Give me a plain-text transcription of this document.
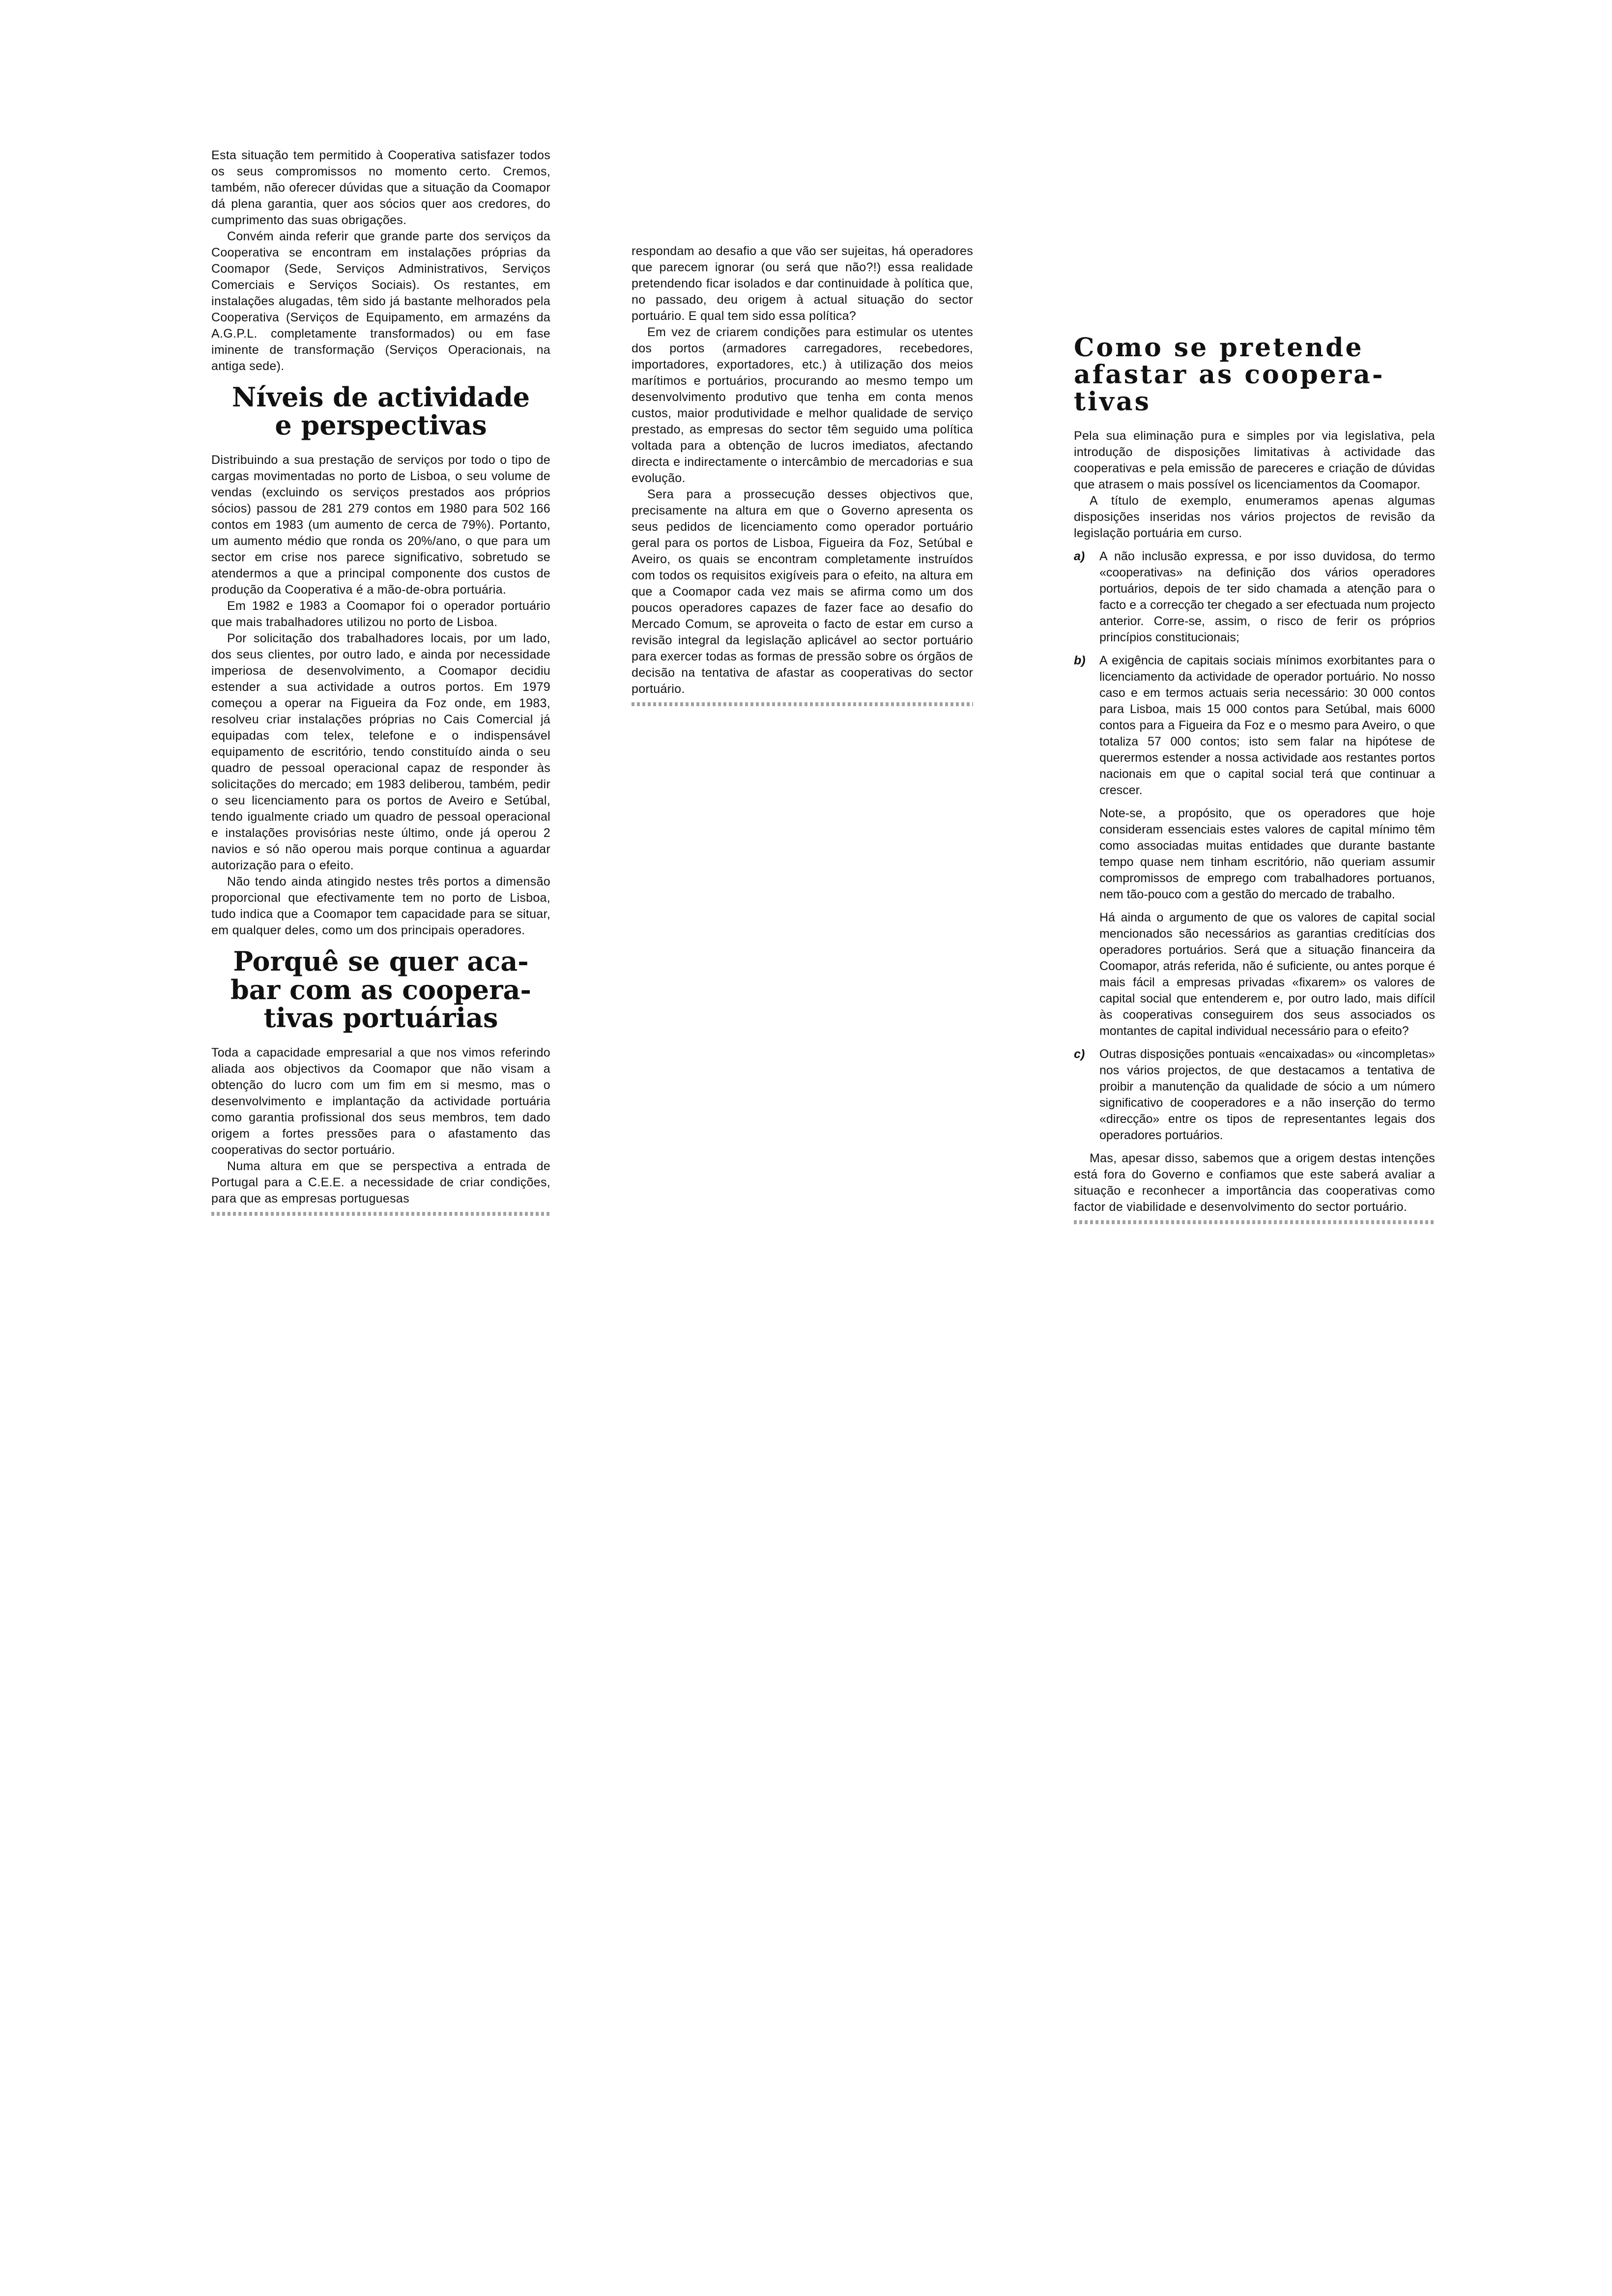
Esta situação tem permitido à Cooperativa satisfazer todos os seus compromissos no momento certo. Cremos, também, não oferecer dúvidas que a situação da Coomapor dá plena garantia, quer aos sócios quer aos credores, do cumprimento das suas obrigações.

Convém ainda referir que grande parte dos serviços da Cooperativa se encontram em instalações próprias da Coomapor (Sede, Serviços Administrativos, Serviços Comerciais e Serviços Sociais). Os restantes, em instalações alugadas, têm sido já bastante melhorados pela Cooperativa (Serviços de Equipamento, em armazéns da A.G.P.L. completamente transformados) ou em fase iminente de transformação (Serviços Operacionais, na antiga sede).

Níveis de actividade
e perspectivas

Distribuindo a sua prestação de serviços por todo o tipo de cargas movimentadas no porto de Lisboa, o seu volume de vendas (excluindo os serviços prestados aos próprios sócios) passou de 281 279 contos em 1980 para 502 166 contos em 1983 (um aumento de cerca de 79%). Portanto, um aumento médio que ronda os 20%/ano, o que para um sector em crise nos parece significativo, sobretudo se atendermos a que a principal componente dos custos de produção da Cooperativa é a mão-de-obra portuária.

Em 1982 e 1983 a Coomapor foi o operador portuário que mais trabalhadores utilizou no porto de Lisboa.

Por solicitação dos trabalhadores locais, por um lado, dos seus clientes, por outro lado, e ainda por necessidade imperiosa de desenvolvimento, a Coomapor decidiu estender a sua actividade a outros portos. Em 1979 começou a operar na Figueira da Foz onde, em 1983, resolveu criar instalações próprias no Cais Comercial já equipadas com telex, telefone e o indispensável equipamento de escritório, tendo constituído ainda o seu quadro de pessoal operacional capaz de responder às solicitações do mercado; em 1983 deliberou, também, pedir o seu licenciamento para os portos de Aveiro e Setúbal, tendo igualmente criado um quadro de pessoal operacional e instalações provisórias neste último, onde já operou 2 navios e só não operou mais porque continua a aguardar autorização para o efeito.

Não tendo ainda atingido nestes três portos a dimensão proporcional que efectivamente tem no porto de Lisboa, tudo indica que a Coomapor tem capacidade para se situar, em qualquer deles, como um dos principais operadores.

Porquê se quer aca-
bar com as coopera-
tivas portuárias

Toda a capacidade empresarial a que nos vimos referindo aliada aos objectivos da Coomapor que não visam a obtenção do lucro com um fim em si mesmo, mas o desenvolvimento e implantação da actividade portuária como garantia profissional dos seus membros, tem dado origem a fortes pressões para o afastamento das cooperativas do sector portuário.

Numa altura em que se perspectiva a entrada de Portugal para a C.E.E. a necessidade de criar condições, para que as empresas portuguesas

respondam ao desafio a que vão ser sujeitas, há operadores que parecem ignorar (ou será que não?!) essa realidade pretendendo ficar isolados e dar continuidade à política que, no passado, deu origem à actual situação do sector portuário. E qual tem sido essa política?

Em vez de criarem condições para estimular os utentes dos portos (armadores carregadores, recebedores, importadores, exportadores, etc.) à utilização dos meios marítimos e portuários, procurando ao mesmo tempo um desenvolvimento produtivo que tenha em conta menos custos, maior produtividade e melhor qualidade de serviço prestado, as empresas do sector têm seguido uma política voltada para a obtenção de lucros imediatos, afectando directa e indirectamente o intercâmbio de mercadorias e sua evolução.

Sera para a prossecução desses objectivos que, precisamente na altura em que o Governo apresenta os seus pedidos de licenciamento como operador portuário geral para os portos de Lisboa, Figueira da Foz, Setúbal e Aveiro, os quais se encontram completamente instruídos com todos os requisitos exigíveis para o efeito, na altura em que a Coomapor cada vez mais se afirma como um dos poucos operadores capazes de fazer face ao desafio do Mercado Comum, se aproveita o facto de estar em curso a revisão integral da legislação aplicável ao sector portuário para exercer todas as formas de pressão sobre os órgãos de decisão na tentativa de afastar as cooperativas do sector portuário.

Como se pretende
afastar as coopera-
tivas

Pela sua eliminação pura e simples por via legislativa, pela introdução de disposições limitativas à actividade das cooperativas e pela emissão de pareceres e criação de dúvidas que atrasem o mais possível os licenciamentos da Coomapor.

A título de exemplo, enumeramos apenas algumas disposições inseridas nos vários projectos de revisão da legislação portuária em curso.

a)	A não inclusão expressa, e por isso duvidosa, do termo «cooperativas» na definição dos vários operadores portuários, depois de ter sido chamada a atenção para o facto e a correcção ter chegado a ser efectuada num projecto anterior. Corre-se, assim, o risco de ferir os próprios princípios constitucionais;
b)	A exigência de capitais sociais mínimos exorbitantes para o licenciamento da actividade de operador portuário. No nosso caso e em termos actuais seria necessário: 30 000 contos para Lisboa, mais 15 000 contos para Setúbal, mais 6000 contos para a Figueira da Foz e o mesmo para Aveiro, o que totaliza 57 000 contos; isto sem falar na hipótese de querermos estender a nossa actividade aos restantes portos nacionais em que o capital social terá que continuar a crescer.
Note-se, a propósito, que os operadores que hoje consideram essenciais estes valores de capital mínimo têm como associadas muitas entidades que durante bastante tempo quase nem tinham escritório, não queriam assumir compromissos de emprego com trabalhadores portuanos, nem tão-pouco com a gestão do mercado de trabalho.
Há ainda o argumento de que os valores de capital social mencionados são necessários as garantias creditícias dos operadores portuários. Será que a situação financeira da Coomapor, atrás referida, não é suficiente, ou antes porque é mais fácil a empresas privadas «fixarem» os valores de capital social que entenderem e, por outro lado, mais difícil às cooperativas conseguirem dos seus associados os montantes de capital individual necessário para o efeito?
c)	Outras disposições pontuais «encaixadas» ou «incompletas» nos vários projectos, de que destacamos a tentativa de proibir a manutenção da qualidade de sócio a um número significativo de cooperadores e a não inserção do termo «direcção» entre os tipos de representantes legais dos operadores portuários.

Mas, apesar disso, sabemos que a origem destas intenções está fora do Governo e confiamos que este saberá avaliar a situação e reconhecer a importância das cooperativas como factor de viabilidade e desenvolvimento do sector portuário.
